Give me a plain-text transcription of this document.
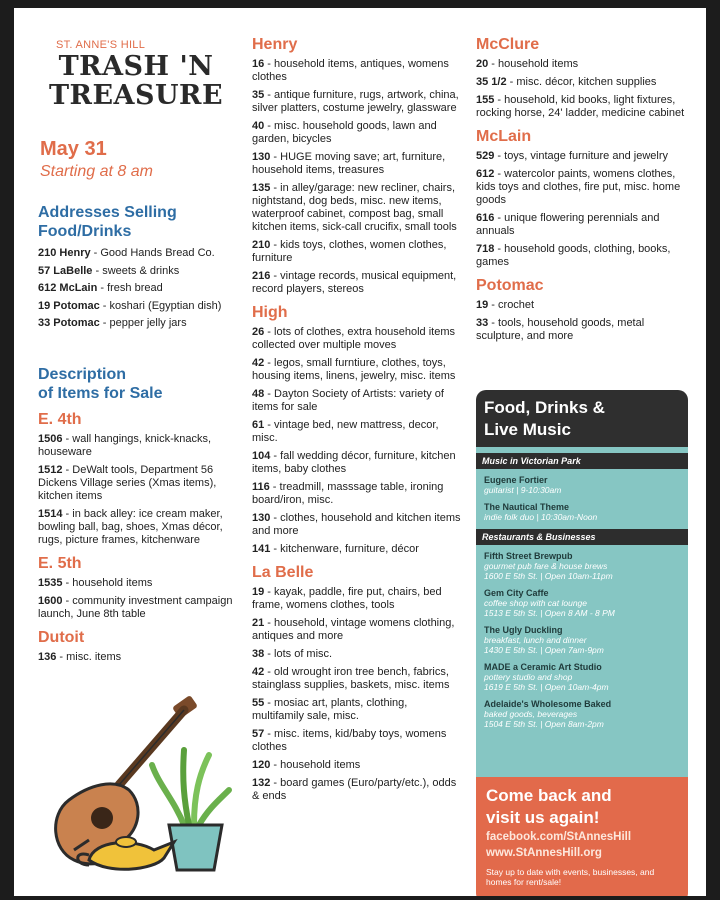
ST. ANNE'S HILL
TRASH 'N
TREASURE
May 31
Starting at 8 am
Addresses Selling
Food/Drinks
210 Henry - Good Hands Bread Co.
57 LaBelle - sweets & drinks
612 McLain - fresh bread
19 Potomac - koshari (Egyptian dish)
33 Potomac - pepper jelly jars
Description
of Items for Sale
E. 4th
1506 - wall hangings, knick-knacks, houseware
1512 - DeWalt tools, Department 56 Dickens Village series (Xmas items), kitchen items
1514 - in back alley: ice cream maker, bowling ball, bag, shoes, Xmas décor, rugs, picture frames, kitchenware
E. 5th
1535 - household items
1600 - community investment campaign launch, June 8th table
Dutoit
136 - misc. items
Henry
16 - household items, antiques, womens clothes
35 - antique furniture, rugs, artwork, china, silver platters, costume jewelry, glassware
40 - misc. household goods, lawn and garden, bicycles
130 - HUGE moving save; art, furniture, household items, treasures
135 - in alley/garage: new recliner, chairs, nightstand, dog beds, misc. new items, waterproof cabinet, compost bag, small kitchen items, sick-call crucifix, small tools
210 - kids toys, clothes, women clothes, furniture
216 - vintage records, musical equipment, record players, stereos
High
26 - lots of clothes, extra household items collected over multiple moves
42 - legos, small furntiure, clothes, toys, housing items, linens, jewelry, misc. items
48 - Dayton Society of Artists: variety of items for sale
61 - vintage bed, new mattress, decor, misc.
104 - fall wedding décor, furniture, kitchen items, baby clothes
116 - treadmill, masssage table, ironing board/iron, misc.
130 - clothes, household and kitchen items and more
141 - kitchenware, furniture, décor
La Belle
19 - kayak, paddle, fire put, chairs, bed frame, womens clothes, tools
21 - household, vintage womens clothing, antiques and more
38 - lots of misc.
42 - old wrought iron tree bench, fabrics, stainglass supplies, baskets, misc. items
55 - mosiac art, plants, clothing, multifamily sale, misc.
57 - misc. items, kid/baby toys, womens clothes
120 - household items
132 - board games (Euro/party/etc.), odds & ends
McClure
20 - household items
35 1/2 - misc. décor, kitchen supplies
155 - household, kid books, light fixtures, rocking horse, 24' ladder, medicine cabinet
McLain
529 - toys, vintage furniture and jewelry
612 - watercolor paints, womens clothes, kids toys and clothes, fire put, misc. home goods
616 - unique flowering perennials and annuals
718 - household goods, clothing, books, games
Potomac
19 - crochet
33 - tools, household goods, metal sculpture, and more
Food, Drinks &
Live Music
Music in Victorian Park
Eugene Fortier
guitarist | 9-10:30am
The Nautical Theme
indie folk duo | 10:30am-Noon
Restaurants & Businesses
Fifth Street Brewpub
gourmet pub fare & house brews
1600 E 5th St. | Open 10am-11pm
Gem City Caffe
coffee shop with cat lounge
1513 E 5th St. | Open 8 AM - 8 PM
The Ugly Duckling
breakfast, lunch and dinner
1430 E 5th St. | Open 7am-9pm
MADE a Ceramic Art Studio
pottery studio and shop
1619 E 5th St. | Open 10am-4pm
Adelaide's Wholesome Baked
baked goods, beverages
1504 E 5th St. | Open 8am-2pm
Come back and
visit us again!
facebook.com/StAnnesHill
www.StAnnesHill.org
Stay up to date with events, businesses, and homes for rent/sale!
